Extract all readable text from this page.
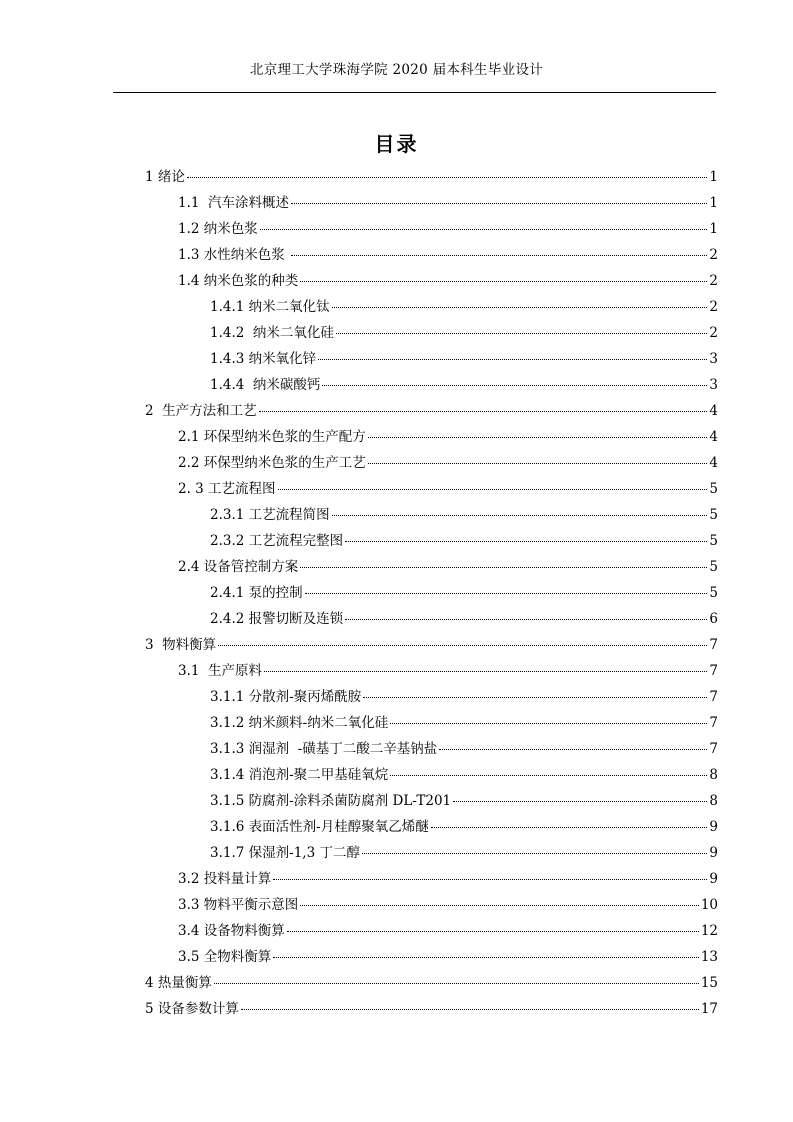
北京理工大学珠海学院 2020 届本科生毕业设计
目录
1 绪论	1
1.1  汽车涂料概述	1
1.2 纳米色浆	1
1.3 水性纳米色浆	2
1.4 纳米色浆的种类	2
1.4.1 纳米二氧化钛	2
1.4.2  纳米二氧化硅	2
1.4.3 纳米氧化锌	3
1.4.4  纳米碳酸钙	3
2  生产方法和工艺	4
2.1 环保型纳米色浆的生产配方	4
2.2 环保型纳米色浆的生产工艺	4
2. 3 工艺流程图	5
2.3.1 工艺流程简图	5
2.3.2 工艺流程完整图	5
2.4 设备管控制方案	5
2.4.1 泵的控制	5
2.4.2 报警切断及连锁	6
3  物料衡算	7
3.1  生产原料	7
3.1.1 分散剂-聚丙烯酰胺	7
3.1.2 纳米颜料-纳米二氧化硅	7
3.1.3 润湿剂  -磺基丁二酸二辛基钠盐	7
3.1.4 消泡剂-聚二甲基硅氧烷	8
3.1.5 防腐剂-涂料杀菌防腐剂 DL-T201	8
3.1.6 表面活性剂-月桂醇聚氧乙烯醚	9
3.1.7 保湿剂-1,3 丁二醇	9
3.2 投料量计算	9
3.3 物料平衡示意图	10
3.4 设备物料衡算	12
3.5 全物料衡算	13
4 热量衡算	15
5 设备参数计算	17
